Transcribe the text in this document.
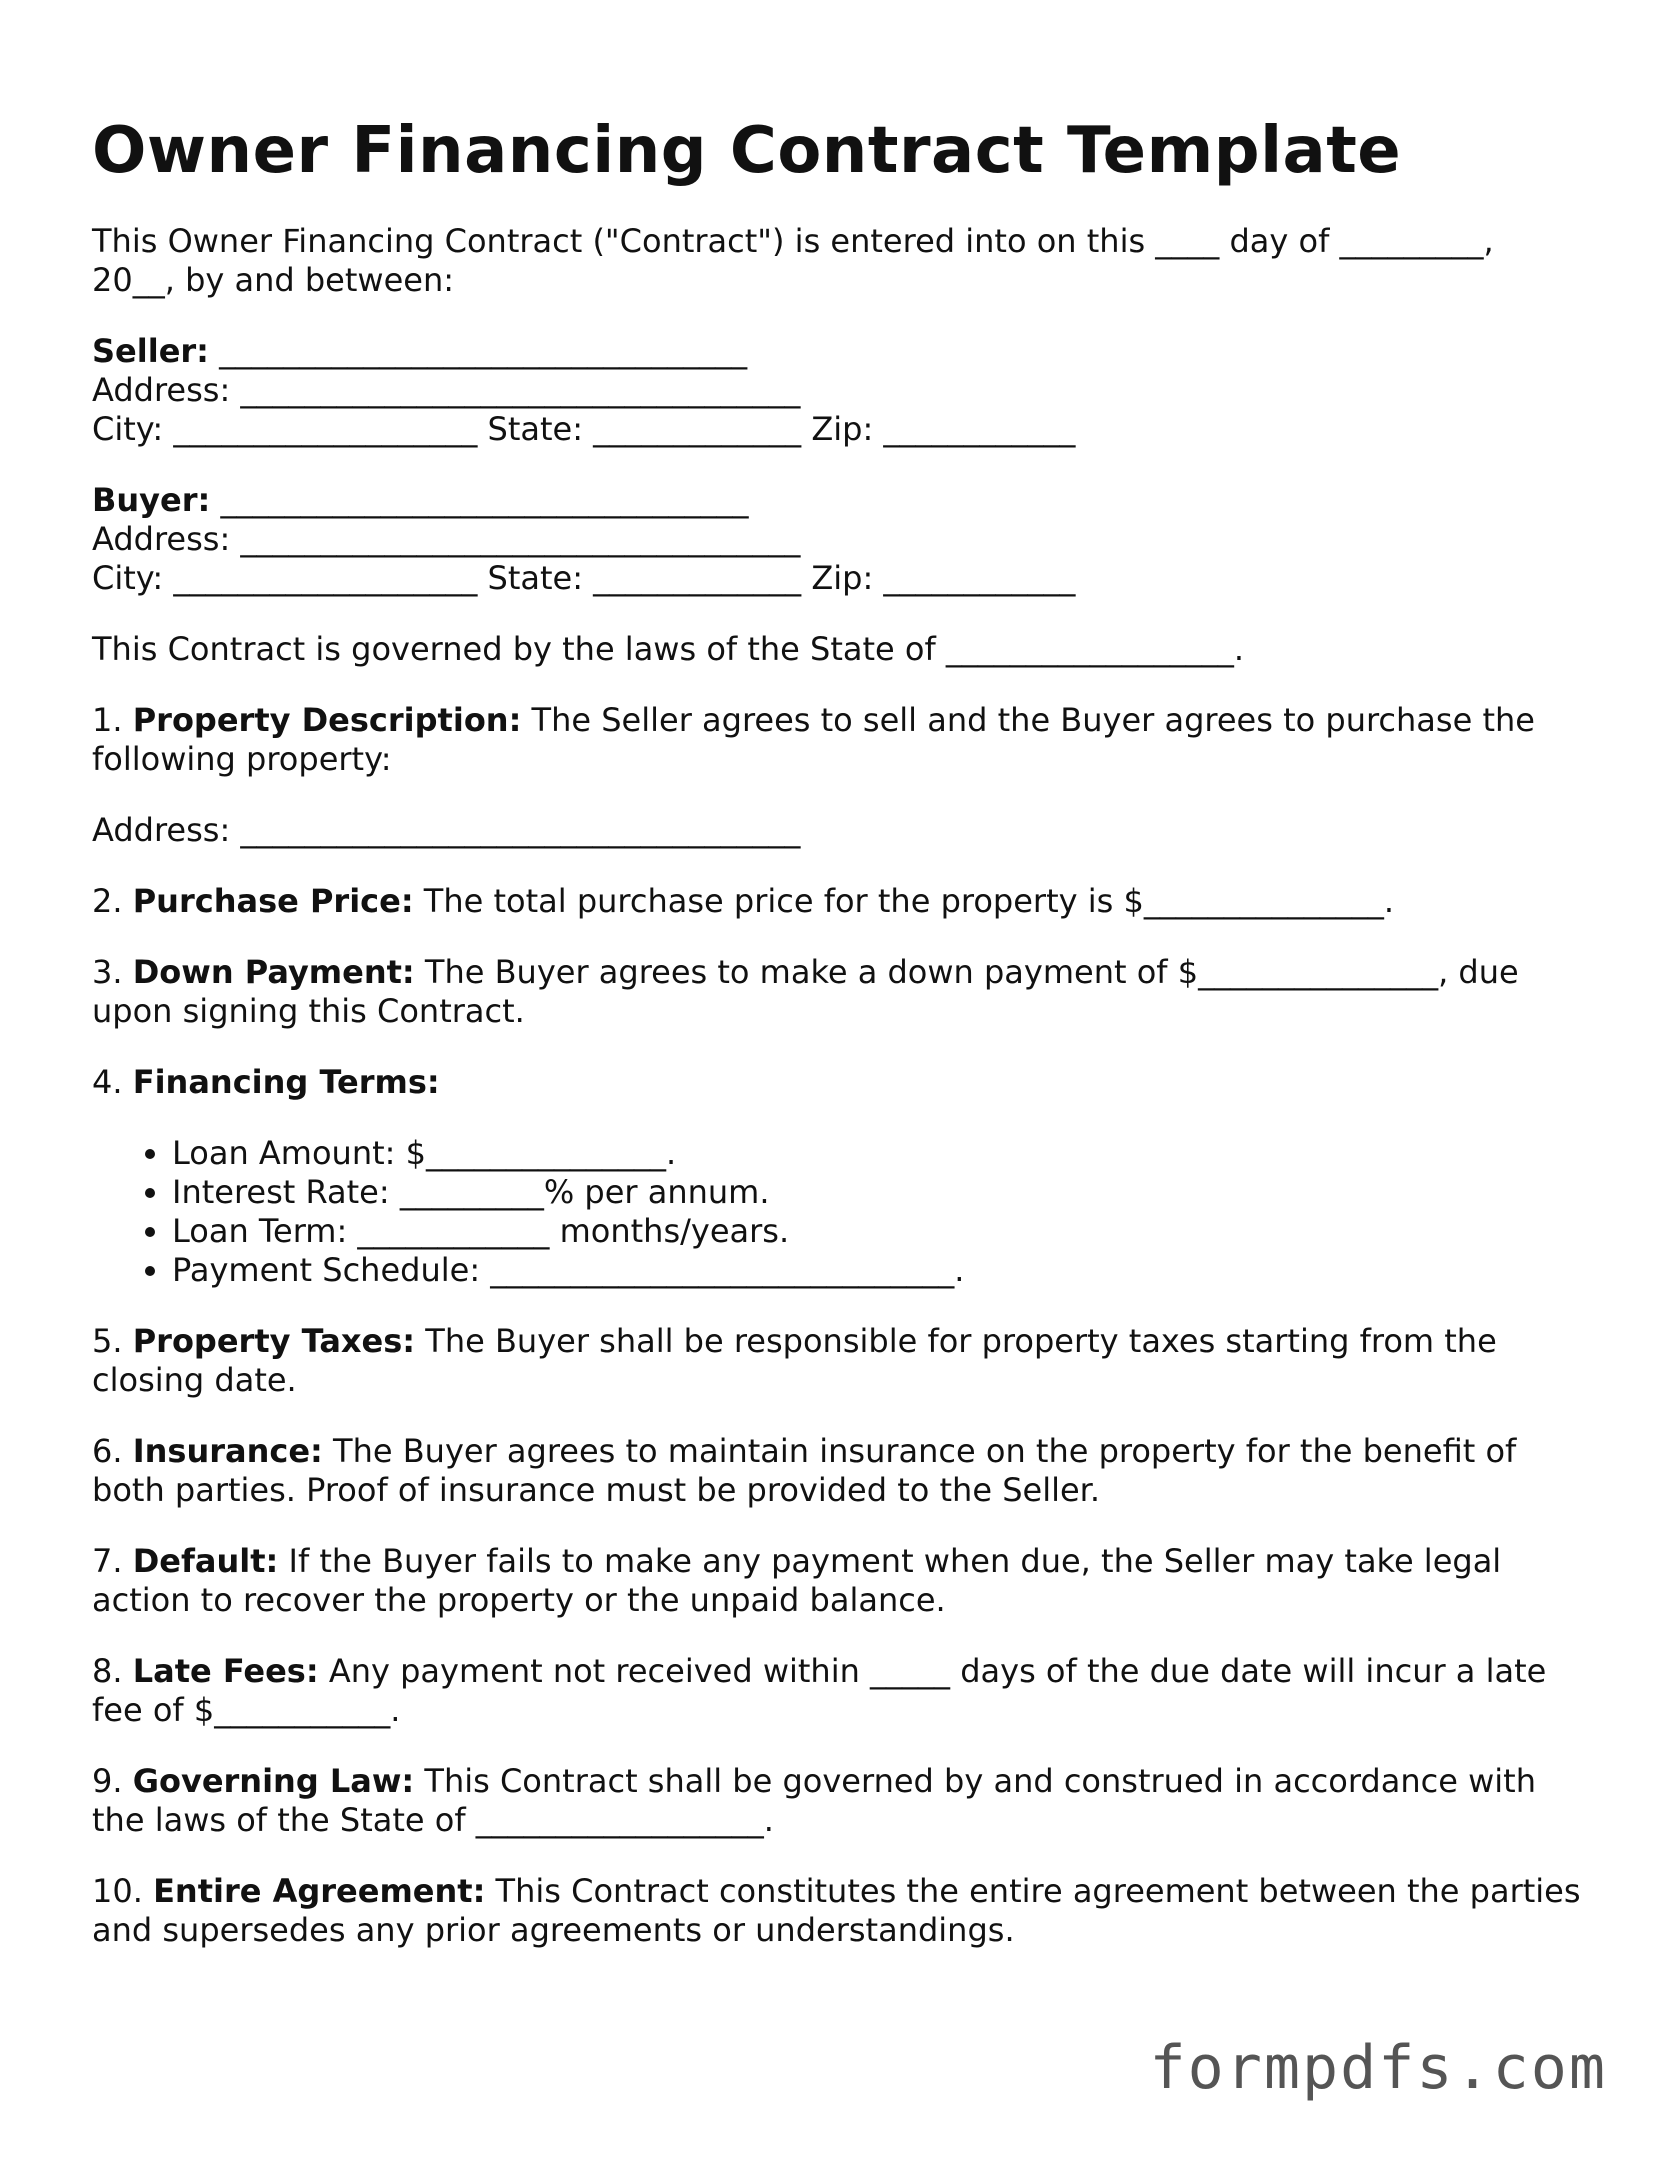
Owner Financing Contract Template

This Owner Financing Contract ("Contract") is entered into on this ____ day of _________, 20__, by and between:

Seller: _________________________________
Address: ___________________________________
City: ___________________ State: _____________ Zip: ____________
Buyer: _________________________________
Address: ___________________________________
City: ___________________ State: _____________ Zip: ____________

This Contract is governed by the laws of the State of __________________.

1. Property Description: The Seller agrees to sell and the Buyer agrees to purchase the following property:

Address: ___________________________________

2. Purchase Price: The total purchase price for the property is $_______________.

3. Down Payment: The Buyer agrees to make a down payment of $_______________, due upon signing this Contract.

4. Financing Terms:

• Loan Amount: $_______________.
• Interest Rate: _________% per annum.
• Loan Term: ____________ months/years.
• Payment Schedule: _____________________________.

5. Property Taxes: The Buyer shall be responsible for property taxes starting from the closing date.

6. Insurance: The Buyer agrees to maintain insurance on the property for the benefit of both parties. Proof of insurance must be provided to the Seller.

7. Default: If the Buyer fails to make any payment when due, the Seller may take legal action to recover the property or the unpaid balance.

8. Late Fees: Any payment not received within _____ days of the due date will incur a late fee of $___________.

9. Governing Law: This Contract shall be governed by and construed in accordance with the laws of the State of __________________.

10. Entire Agreement: This Contract constitutes the entire agreement between the parties and supersedes any prior agreements or understandings.

formpdfs.com
